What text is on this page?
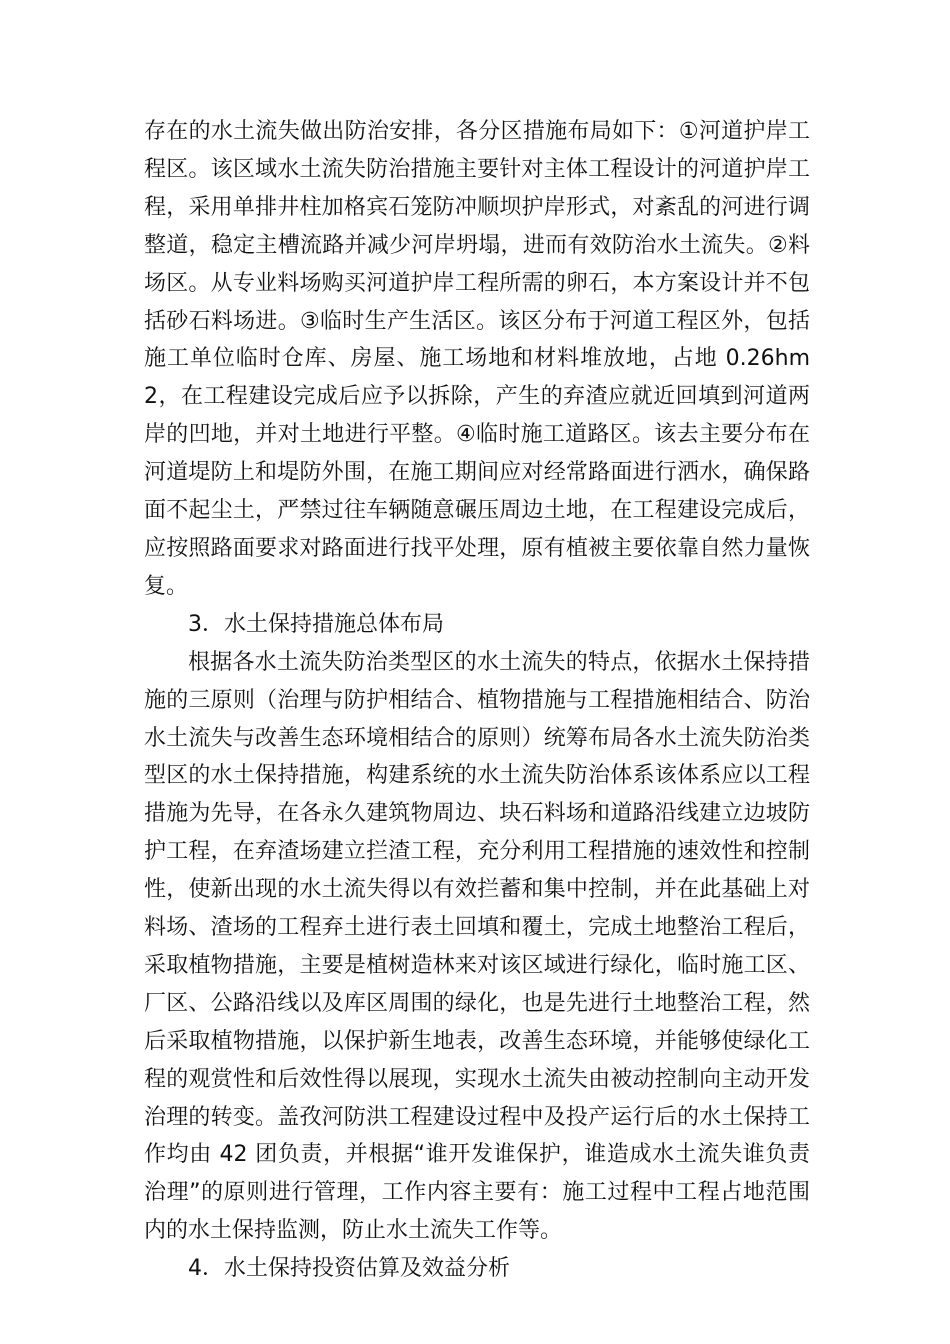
存在的水土流失做出防治安排，各分区措施布局如下：①河道护岸工程区。该区域水土流失防治措施主要针对主体工程设计的河道护岸工程，采用单排井柱加格宾石笼防冲顺坝护岸形式，对紊乱的河进行调整道，稳定主槽流路并减少河岸坍塌，进而有效防治水土流失。②料场区。从专业料场购买河道护岸工程所需的卵石，本方案设计并不包括砂石料场进。③临时生产生活区。该区分布于河道工程区外，包括施工单位临时仓库、房屋、施工场地和材料堆放地，占地 0.26hm2，在工程建设完成后应予以拆除，产生的弃渣应就近回填到河道两岸的凹地，并对土地进行平整。④临时施工道路区。该去主要分布在河道堤防上和堤防外围，在施工期间应对经常路面进行洒水，确保路面不起尘土，严禁过往车辆随意碾压周边土地，在工程建设完成后，应按照路面要求对路面进行找平处理，原有植被主要依靠自然力量恢复。

3．水土保持措施总体布局

根据各水土流失防治类型区的水土流失的特点，依据水土保持措施的三原则（治理与防护相结合、植物措施与工程措施相结合、防治水土流失与改善生态环境相结合的原则）统筹布局各水土流失防治类型区的水土保持措施，构建系统的水土流失防治体系该体系应以工程措施为先导，在各永久建筑物周边、块石料场和道路沿线建立边坡防护工程，在弃渣场建立拦渣工程，充分利用工程措施的速效性和控制性，使新出现的水土流失得以有效拦蓄和集中控制，并在此基础上对料场、渣场的工程弃土进行表土回填和覆土，完成土地整治工程后，采取植物措施，主要是植树造林来对该区域进行绿化，临时施工区、厂区、公路沿线以及库区周围的绿化，也是先进行土地整治工程，然后采取植物措施，以保护新生地表，改善生态环境，并能够使绿化工程的观赏性和后效性得以展现，实现水土流失由被动控制向主动开发治理的转变。盖孜河防洪工程建设过程中及投产运行后的水土保持工作均由 42 团负责，并根据“谁开发谁保护，谁造成水土流失谁负责治理”的原则进行管理，工作内容主要有：施工过程中工程占地范围内的水土保持监测，防止水土流失工作等。

4．水土保持投资估算及效益分析
